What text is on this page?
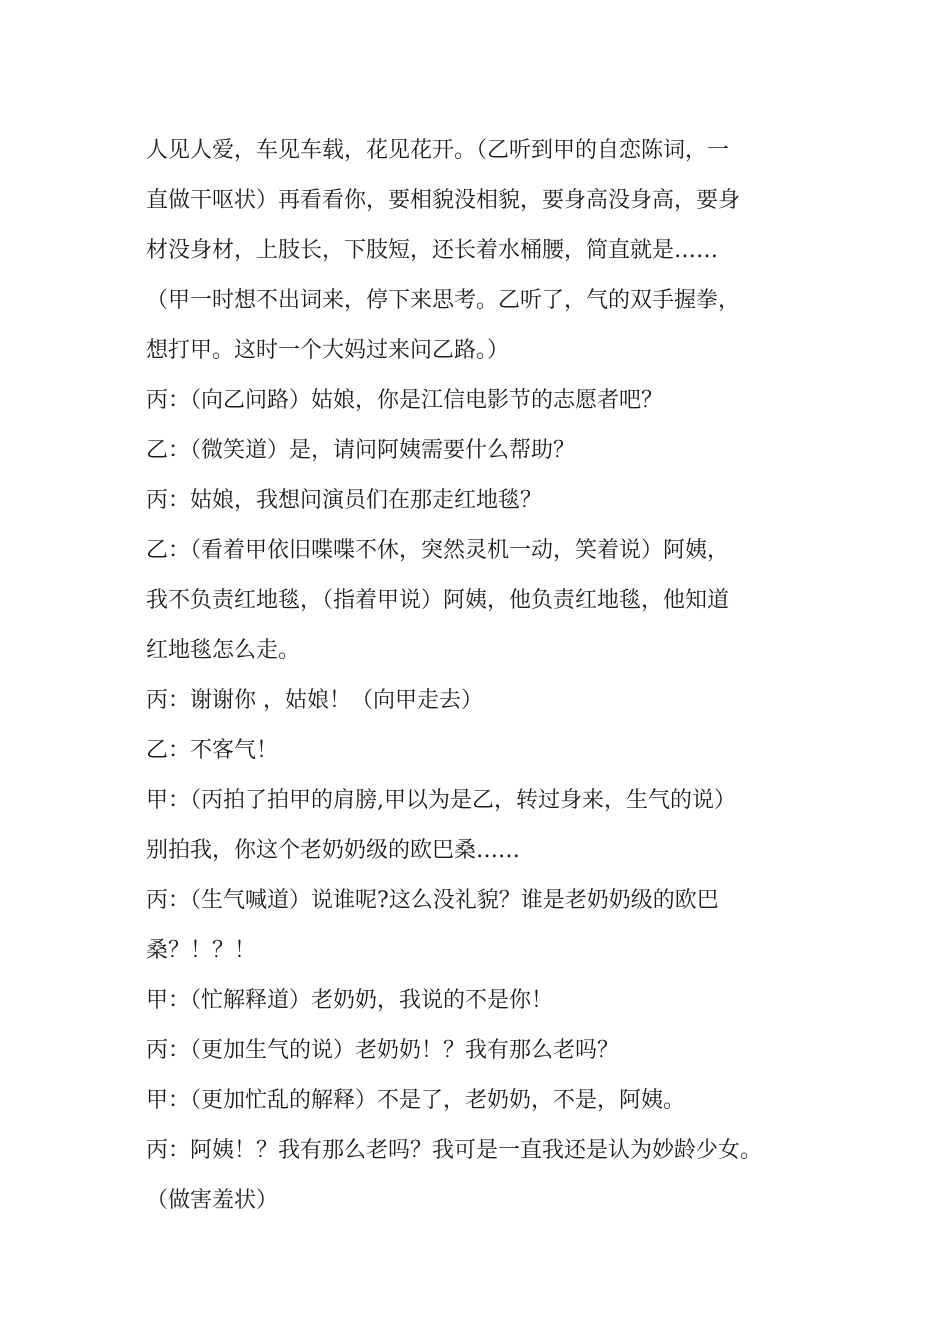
人见人爱，车见车载，花见花开。（乙听到甲的自恋陈词，一
直做干呕状）再看看你，要相貌没相貌，要身高没身高，要身
材没身材，上肢长，下肢短，还长着水桶腰，简直就是……
（甲一时想不出词来，停下来思考。乙听了，气的双手握拳，
想打甲。这时一个大妈过来问乙路。）
丙：（向乙问路）姑娘，你是江信电影节的志愿者吧？
乙：（微笑道）是，请问阿姨需要什么帮助？
丙：姑娘，我想问演员们在那走红地毯？
乙：（看着甲依旧喋喋不休，突然灵机一动，笑着说）阿姨，
我不负责红地毯，（指着甲说）阿姨，他负责红地毯，他知道
红地毯怎么走。
丙：谢谢你 ，姑娘！（向甲走去）
乙：不客气！
甲：（丙拍了拍甲的肩膀,甲以为是乙，转过身来，生气的说）
别拍我，你这个老奶奶级的欧巴桑……
丙：（生气喊道）说谁呢?这么没礼貌？谁是老奶奶级的欧巴
桑？！？！
甲：（忙解释道）老奶奶，我说的不是你！
丙：（更加生气的说）老奶奶！？我有那么老吗？
甲：（更加忙乱的解释）不是了，老奶奶，不是，阿姨。
丙：阿姨！？我有那么老吗？我可是一直我还是认为妙龄少女。
（做害羞状）
